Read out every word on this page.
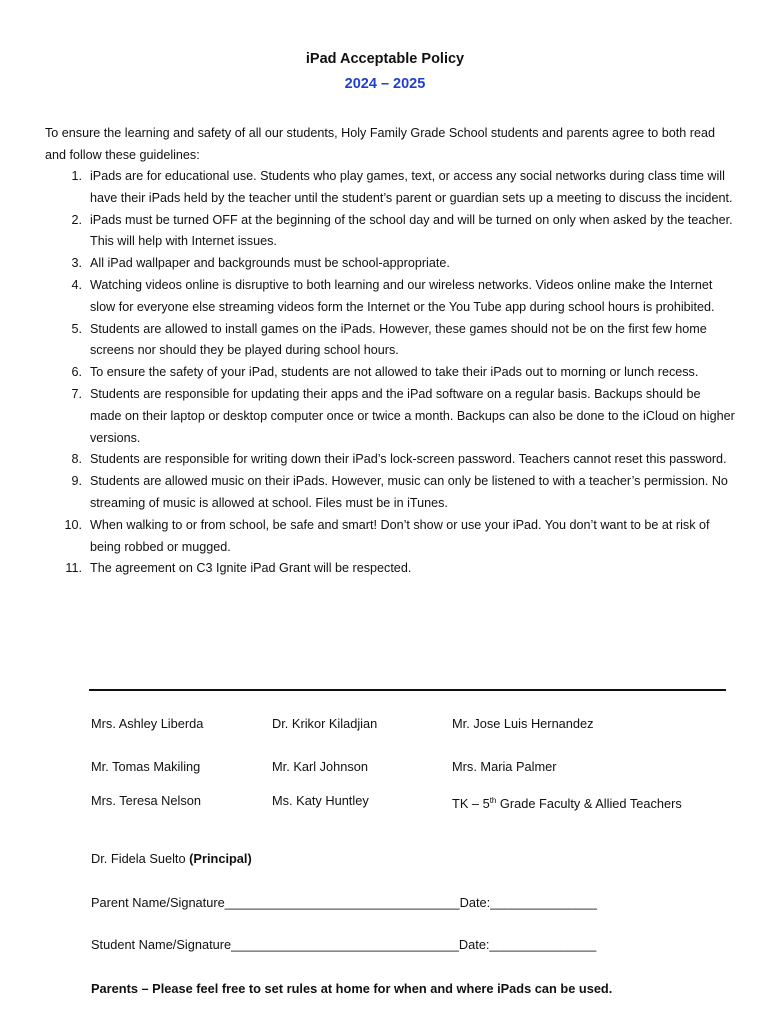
iPad Acceptable Policy
2024 – 2025

To ensure the learning and safety of all our students, Holy Family Grade School students and parents agree to both read and follow these guidelines:

1. iPads are for educational use. Students who play games, text, or access any social networks during class time will have their iPads held by the teacher until the student’s parent or guardian sets up a meeting to discuss the incident.
2. iPads must be turned OFF at the beginning of the school day and will be turned on only when asked by the teacher. This will help with Internet issues.
3. All iPad wallpaper and backgrounds must be school-appropriate.
4. Watching videos online is disruptive to both learning and our wireless networks. Videos online make the Internet slow for everyone else streaming videos form the Internet or the You Tube app during school hours is prohibited.
5. Students are allowed to install games on the iPads. However, these games should not be on the first few home screens nor should they be played during school hours.
6. To ensure the safety of your iPad, students are not allowed to take their iPads out to morning or lunch recess.
7. Students are responsible for updating their apps and the iPad software on a regular basis. Backups should be made on their laptop or desktop computer once or twice a month. Backups can also be done to the iCloud on higher versions.
8. Students are responsible for writing down their iPad’s lock-screen password. Teachers cannot reset this password.
9. Students are allowed music on their iPads. However, music can only be listened to with a teacher’s permission. No streaming of music is allowed at school. Files must be in iTunes.
10. When walking to or from school, be safe and smart! Don’t show or use your iPad. You don’t want to be at risk of being robbed or mugged.
11. The agreement on C3 Ignite iPad Grant will be respected.
Mrs. Ashley Liberda	Dr. Krikor Kiladjian	Mr. Jose Luis Hernandez
Mr. Tomas Makiling	Mr. Karl Johnson	Mrs. Maria Palmer
Mrs. Teresa Nelson	Ms. Katy Huntley	TK – 5th Grade Faculty & Allied Teachers
Dr. Fidela Suelto (Principal)
Parent Name/Signature_________________________________Date:_______________
Student Name/Signature________________________________Date:_______________
Parents – Please feel free to set rules at home for when and where iPads can be used.
